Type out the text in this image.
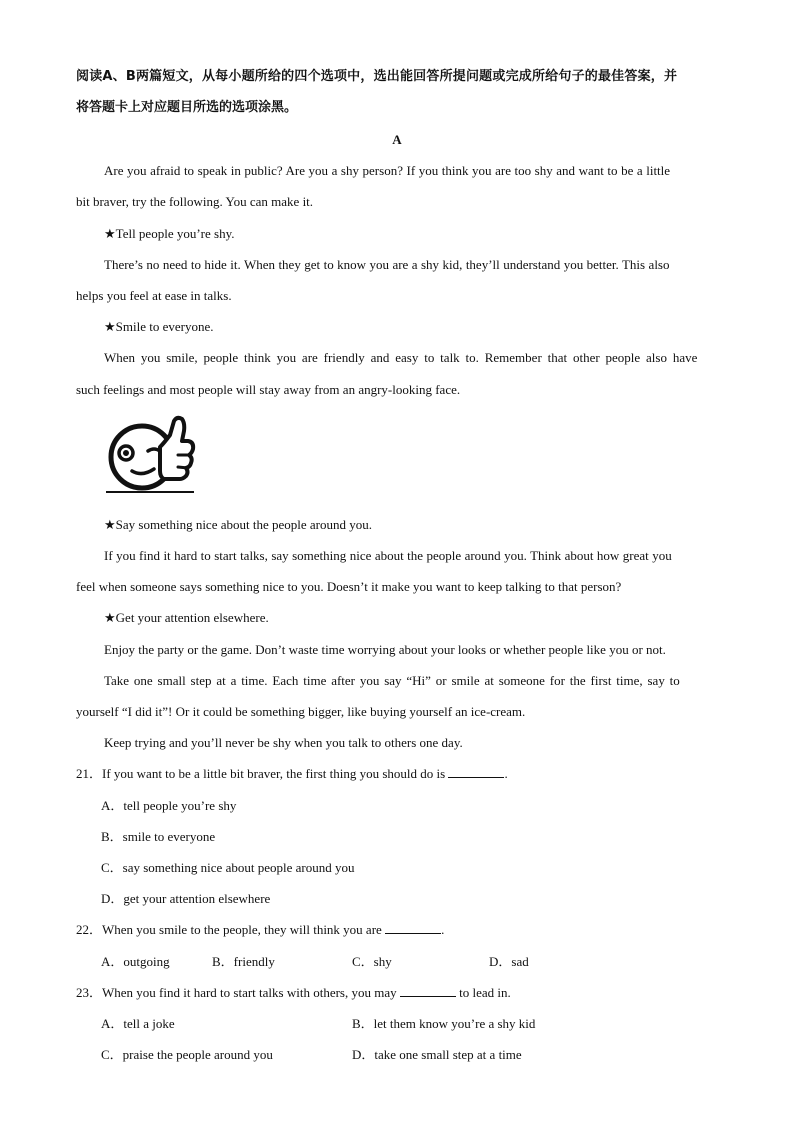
阅读A、B两篇短文，从每小题所给的四个选项中，选出能回答所提问题或完成所给句子的最佳答案，并
将答题卡上对应题目所选的选项涂黑。
A
Are you afraid to speak in public? Are you a shy person? If you think you are too shy and want to be a little
bit braver, try the following. You can make it.
★Tell people you’re shy.
There’s no need to hide it. When they get to know you are a shy kid, they’ll understand you better. This also
helps you feel at ease in talks.
★Smile to everyone.
When you smile, people think you are friendly and easy to talk to. Remember that other people also have
such feelings and most people will stay away from an angry-looking face.
★Say something nice about the people around you.
If you find it hard to start talks, say something nice about the people around you. Think about how great you
feel when someone says something nice to you. Doesn’t it make you want to keep talking to that person?
★Get your attention elsewhere.
Enjoy the party or the game. Don’t waste time worrying about your looks or whether people like you or not.
Take one small step at a time. Each time after you say “Hi” or smile at someone for the first time, say to
yourself “I did it”! Or it could be something bigger, like buying yourself an ice-cream.
Keep trying and you’ll never be shy when you talk to others one day.
21．If you want to be a little bit braver, the first thing you should do is	.
A．tell people you’re shy
B．smile to everyone
C．say something nice about people around you
D．get your attention elsewhere
22．When you smile to the people, they will think you are	.
A．outgoing	B．friendly	C．shy	D．sad
23．When you find it hard to start talks with others, you may	to lead in.
A．tell a joke	B．let them know you’re a shy kid
C．praise the people around you	D．take one small step at a time
